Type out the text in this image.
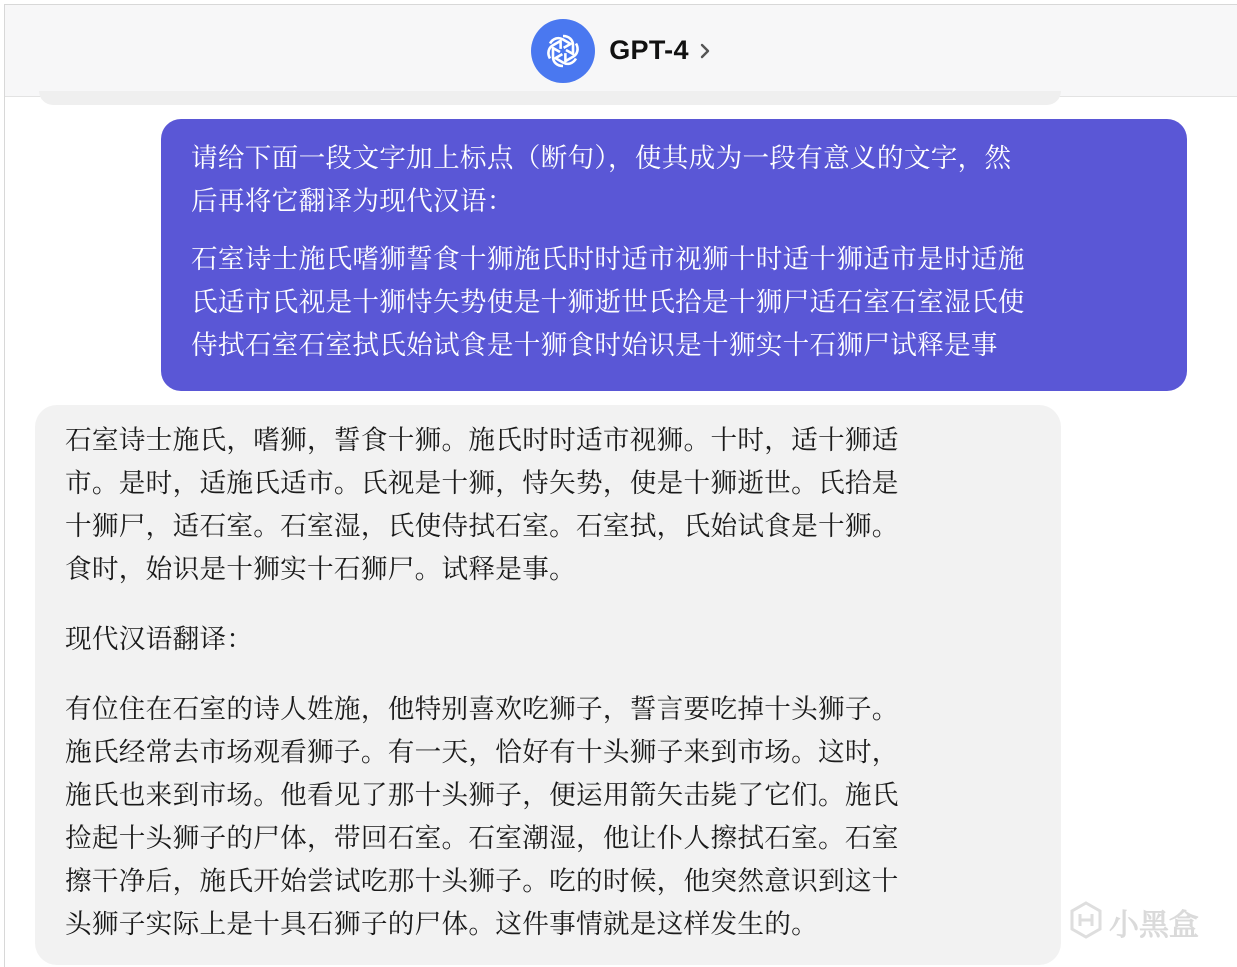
GPT-4

请给下面一段文字加上标点（断句），使其成为一段有意义的文字，然

后再将它翻译为现代汉语：

石室诗士施氏嗜狮誓食十狮施氏时时适市视狮十时适十狮适市是时适施

氏适市氏视是十狮恃矢势使是十狮逝世氏拾是十狮尸适石室石室湿氏使

侍拭石室石室拭氏始试食是十狮食时始识是十狮实十石狮尸试释是事

石室诗士施氏，嗜狮，誓食十狮。施氏时时适市视狮。十时，适十狮适

市。是时，适施氏适市。氏视是十狮，恃矢势，使是十狮逝世。氏拾是

十狮尸，适石室。石室湿，氏使侍拭石室。石室拭，氏始试食是十狮。

食时，始识是十狮实十石狮尸。试释是事。

现代汉语翻译：

有位住在石室的诗人姓施，他特别喜欢吃狮子，誓言要吃掉十头狮子。

施氏经常去市场观看狮子。有一天，恰好有十头狮子来到市场。这时，

施氏也来到市场。他看见了那十头狮子，便运用箭矢击毙了它们。施氏

捡起十头狮子的尸体，带回石室。石室潮湿，他让仆人擦拭石室。石室

擦干净后，施氏开始尝试吃那十头狮子。吃的时候，他突然意识到这十

头狮子实际上是十具石狮子的尸体。这件事情就是这样发生的。	小黑盒
